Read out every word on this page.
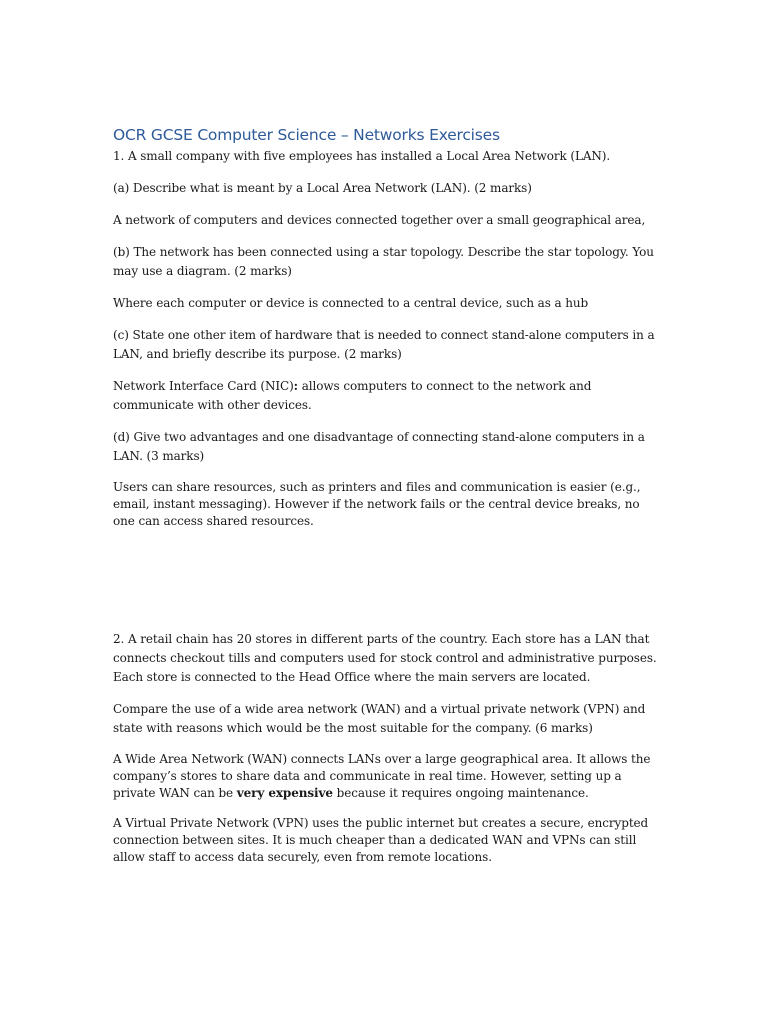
OCR GCSE Computer Science – Networks Exercises

1. A small company with five employees has installed a Local Area Network (LAN).

(a) Describe what is meant by a Local Area Network (LAN). (2 marks)

A network of computers and devices connected together over a small geographical area,

(b) The network has been connected using a star topology. Describe the star topology. You may use a diagram. (2 marks)

Where each computer or device is connected to a central device, such as a hub

(c) State one other item of hardware that is needed to connect stand-alone computers in a LAN, and briefly describe its purpose. (2 marks)

Network Interface Card (NIC): allows computers to connect to the network and communicate with other devices.

(d) Give two advantages and one disadvantage of connecting stand-alone computers in a LAN. (3 marks)

Users can share resources, such as printers and files and communication is easier (e.g., email, instant messaging). However if the network fails or the central device breaks, no one can access shared resources.

2. A retail chain has 20 stores in different parts of the country. Each store has a LAN that connects checkout tills and computers used for stock control and administrative purposes. Each store is connected to the Head Office where the main servers are located.

Compare the use of a wide area network (WAN) and a virtual private network (VPN) and state with reasons which would be the most suitable for the company. (6 marks)

A Wide Area Network (WAN) connects LANs over a large geographical area. It allows the company’s stores to share data and communicate in real time. However, setting up a private WAN can be very expensive because it requires ongoing maintenance.

A Virtual Private Network (VPN) uses the public internet but creates a secure, encrypted connection between sites. It is much cheaper than a dedicated WAN and VPNs can still allow staff to access data securely, even from remote locations.
